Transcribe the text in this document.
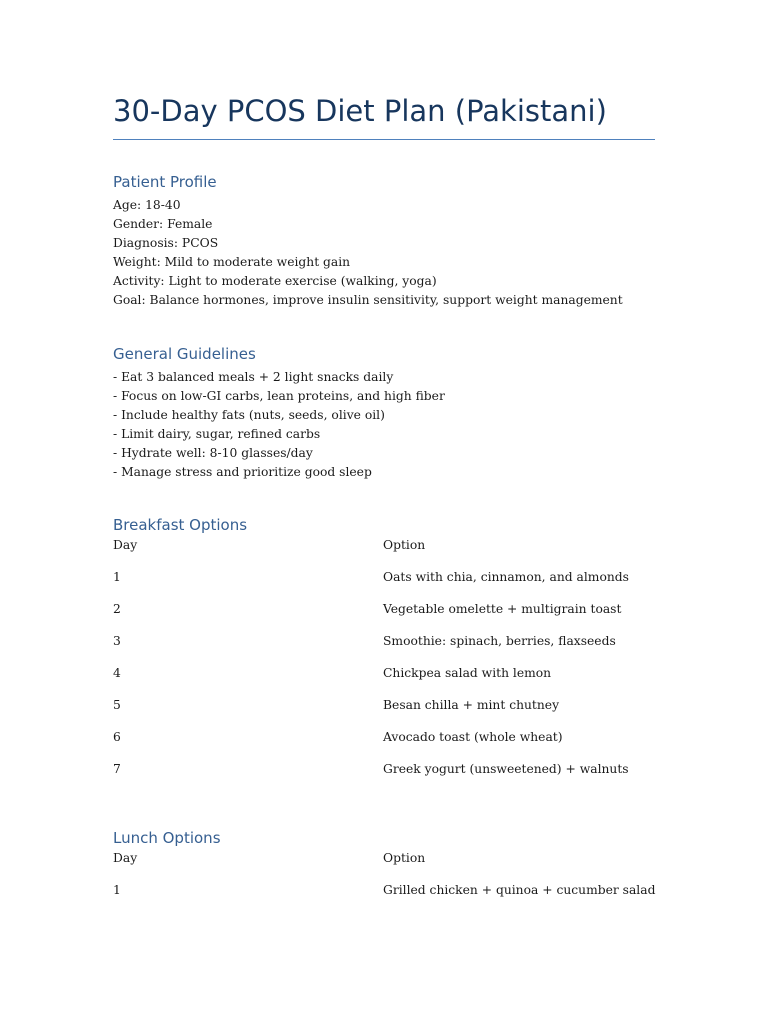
30-Day PCOS Diet Plan (Pakistani)
Patient Profile
Age: 18-40
Gender: Female
Diagnosis: PCOS
Weight: Mild to moderate weight gain
Activity: Light to moderate exercise (walking, yoga)
Goal: Balance hormones, improve insulin sensitivity, support weight management
General Guidelines
- Eat 3 balanced meals + 2 light snacks daily
- Focus on low-GI carbs, lean proteins, and high fiber
- Include healthy fats (nuts, seeds, olive oil)
- Limit dairy, sugar, refined carbs
- Hydrate well: 8-10 glasses/day
- Manage stress and prioritize good sleep
Breakfast Options
Day	Option
1	Oats with chia, cinnamon, and almonds
2	Vegetable omelette + multigrain toast
3	Smoothie: spinach, berries, flaxseeds
4	Chickpea salad with lemon
5	Besan chilla + mint chutney
6	Avocado toast (whole wheat)
7	Greek yogurt (unsweetened) + walnuts
Lunch Options
Day	Option
1	Grilled chicken + quinoa + cucumber salad
